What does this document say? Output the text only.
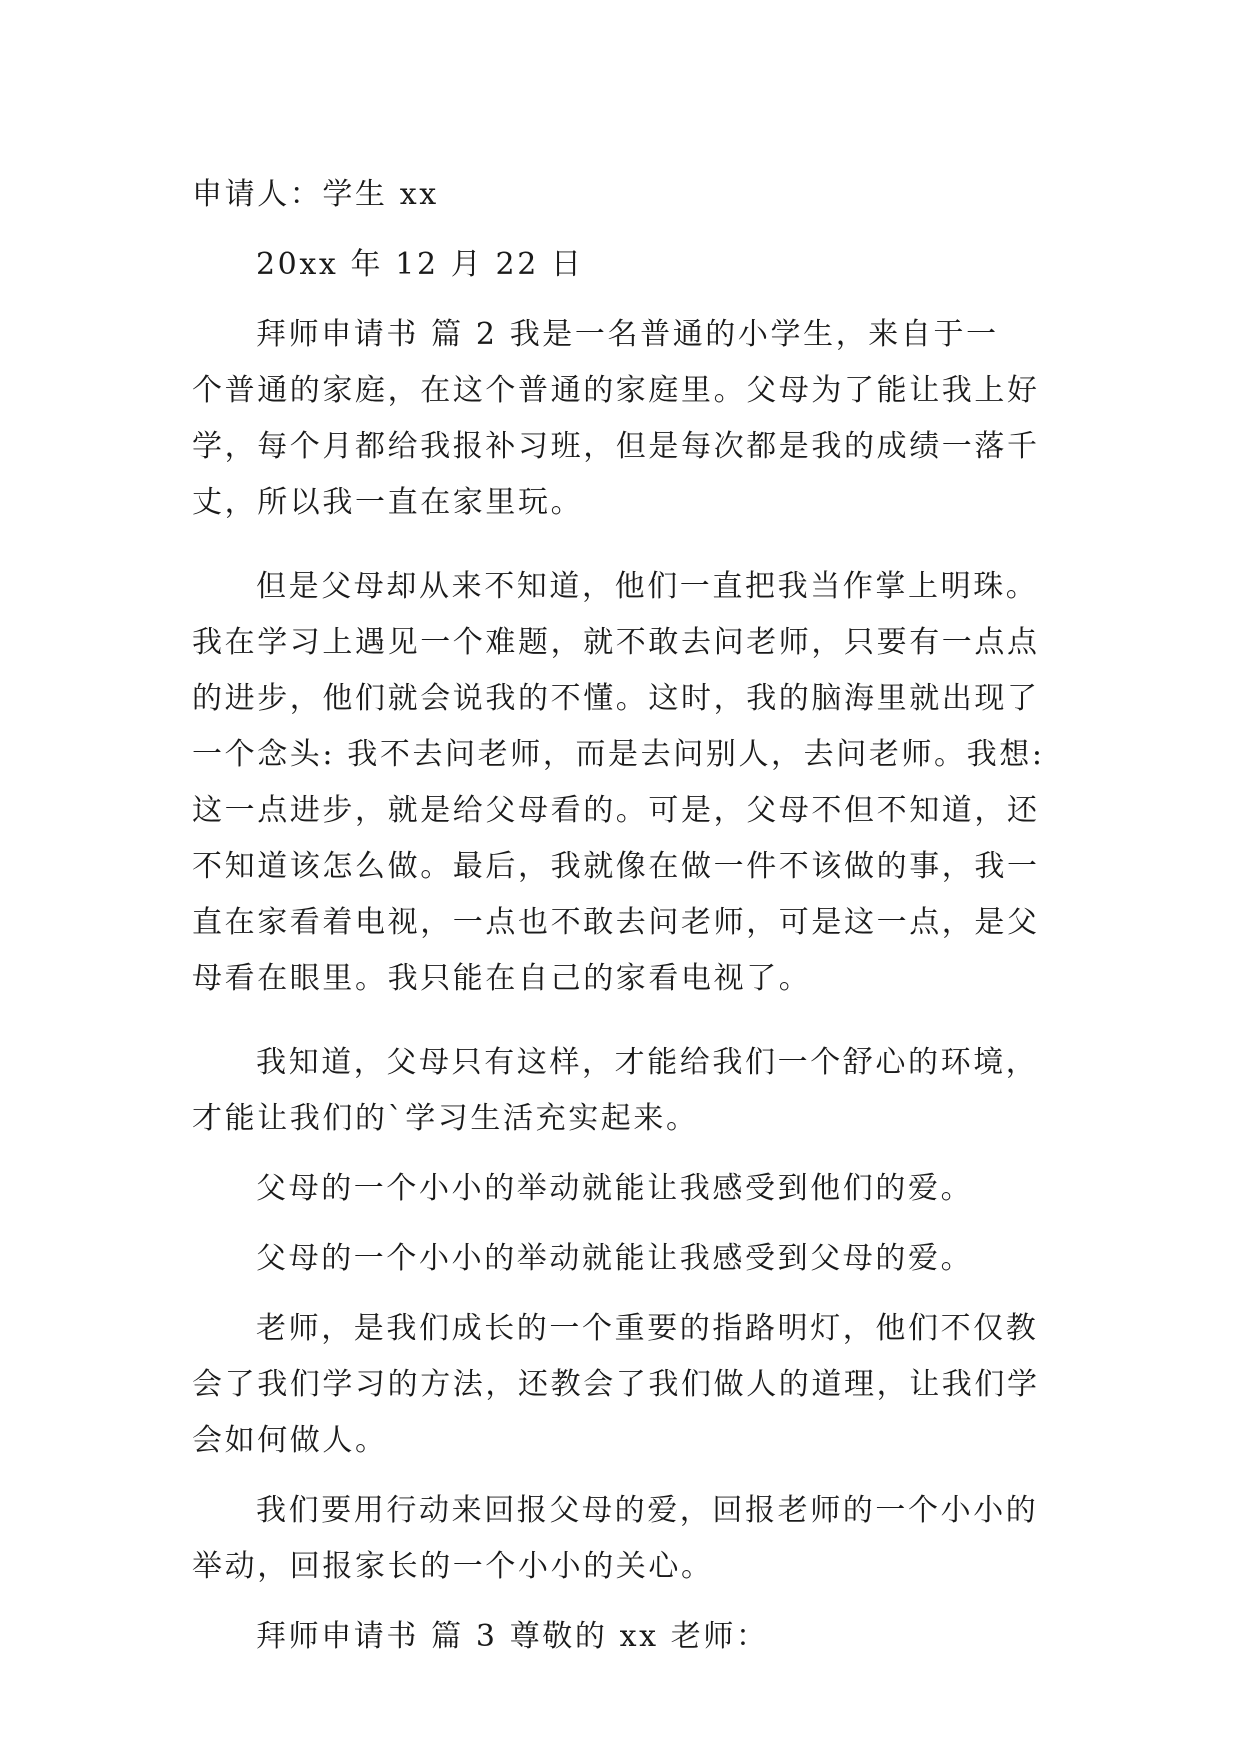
申请人：学生 xx

20xx 年 12 月 22 日

拜师申请书 篇 2 我是一名普通的小学生，来自于一

个普通的家庭，在这个普通的家庭里。父母为了能让我上好

学，每个月都给我报补习班，但是每次都是我的成绩一落千

丈，所以我一直在家里玩。

但是父母却从来不知道，他们一直把我当作掌上明珠。

我在学习上遇见一个难题，就不敢去问老师，只要有一点点

的进步，他们就会说我的不懂。这时，我的脑海里就出现了

一个念头: 我不去问老师，而是去问别人，去问老师。我想:

这一点进步，就是给父母看的。可是，父母不但不知道，还

不知道该怎么做。最后，我就像在做一件不该做的事，我一

直在家看着电视，一点也不敢去问老师，可是这一点，是父

母看在眼里。我只能在自己的家看电视了。

我知道，父母只有这样，才能给我们一个舒心的环境，

才能让我们的`学习生活充实起来。

父母的一个小小的举动就能让我感受到他们的爱。

父母的一个小小的举动就能让我感受到父母的爱。

老师，是我们成长的一个重要的指路明灯，他们不仅教

会了我们学习的方法，还教会了我们做人的道理，让我们学

会如何做人。

我们要用行动来回报父母的爱，回报老师的一个小小的

举动，回报家长的一个小小的关心。

拜师申请书 篇 3 尊敬的 xx 老师：
